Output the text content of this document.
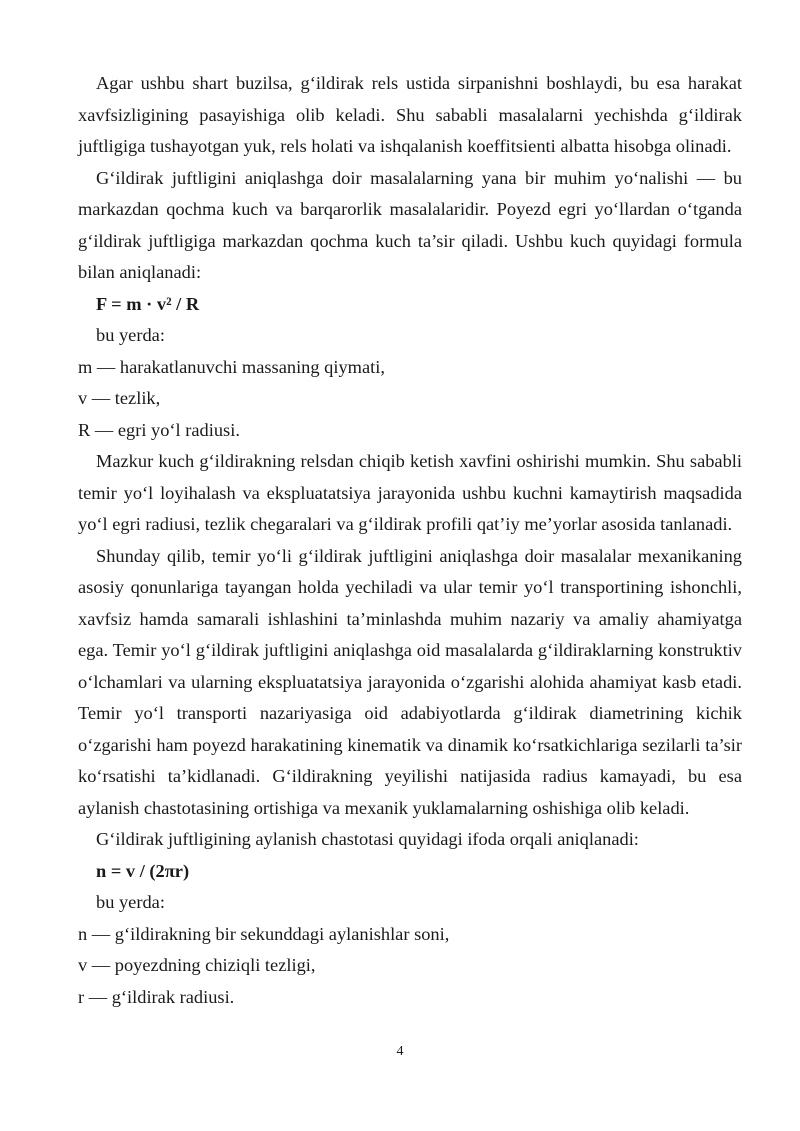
Agar ushbu shart buzilsa, g‘ildirak rels ustida sirpanishni boshlaydi, bu esa harakat xavfsizligining pasayishiga olib keladi. Shu sababli masalalarni yechishda g‘ildirak juftligiga tushayotgan yuk, rels holati va ishqalanish koeffitsienti albatta hisobga olinadi.

G‘ildirak juftligini aniqlashga doir masalalarning yana bir muhim yo‘nalishi — bu markazdan qochma kuch va barqarorlik masalalaridir. Poyezd egri yo‘llardan o‘tganda g‘ildirak juftligiga markazdan qochma kuch ta’sir qiladi. Ushbu kuch quyidagi formula bilan aniqlanadi:

F = m · v² / R

bu yerda:

m — harakatlanuvchi massaning qiymati,

v — tezlik,

R — egri yo‘l radiusi.

Mazkur kuch g‘ildirakning relsdan chiqib ketish xavfini oshirishi mumkin. Shu sababli temir yo‘l loyihalash va ekspluatatsiya jarayonida ushbu kuchni kamaytirish maqsadida yo‘l egri radiusi, tezlik chegaralari va g‘ildirak profili qat’iy me’yorlar asosida tanlanadi.

Shunday qilib, temir yo‘li g‘ildirak juftligini aniqlashga doir masalalar mexanikaning asosiy qonunlariga tayangan holda yechiladi va ular temir yo‘l transportining ishonchli, xavfsiz hamda samarali ishlashini ta’minlashda muhim nazariy va amaliy ahamiyatga ega. Temir yo‘l g‘ildirak juftligini aniqlashga oid masalalarda g‘ildiraklarning konstruktiv o‘lchamlari va ularning ekspluatatsiya jarayonida o‘zgarishi alohida ahamiyat kasb etadi. Temir yo‘l transporti nazariyasiga oid adabiyotlarda g‘ildirak diametrining kichik o‘zgarishi ham poyezd harakatining kinematik va dinamik ko‘rsatkichlariga sezilarli ta’sir ko‘rsatishi ta’kidlanadi. G‘ildirakning yeyilishi natijasida radius kamayadi, bu esa aylanish chastotasining ortishiga va mexanik yuklamalarning oshishiga olib keladi.

G‘ildirak juftligining aylanish chastotasi quyidagi ifoda orqali aniqlanadi:

n = v / (2πr)

bu yerda:

n — g‘ildirakning bir sekunddagi aylanishlar soni,

v — poyezdning chiziqli tezligi,

r — g‘ildirak radiusi.

4
